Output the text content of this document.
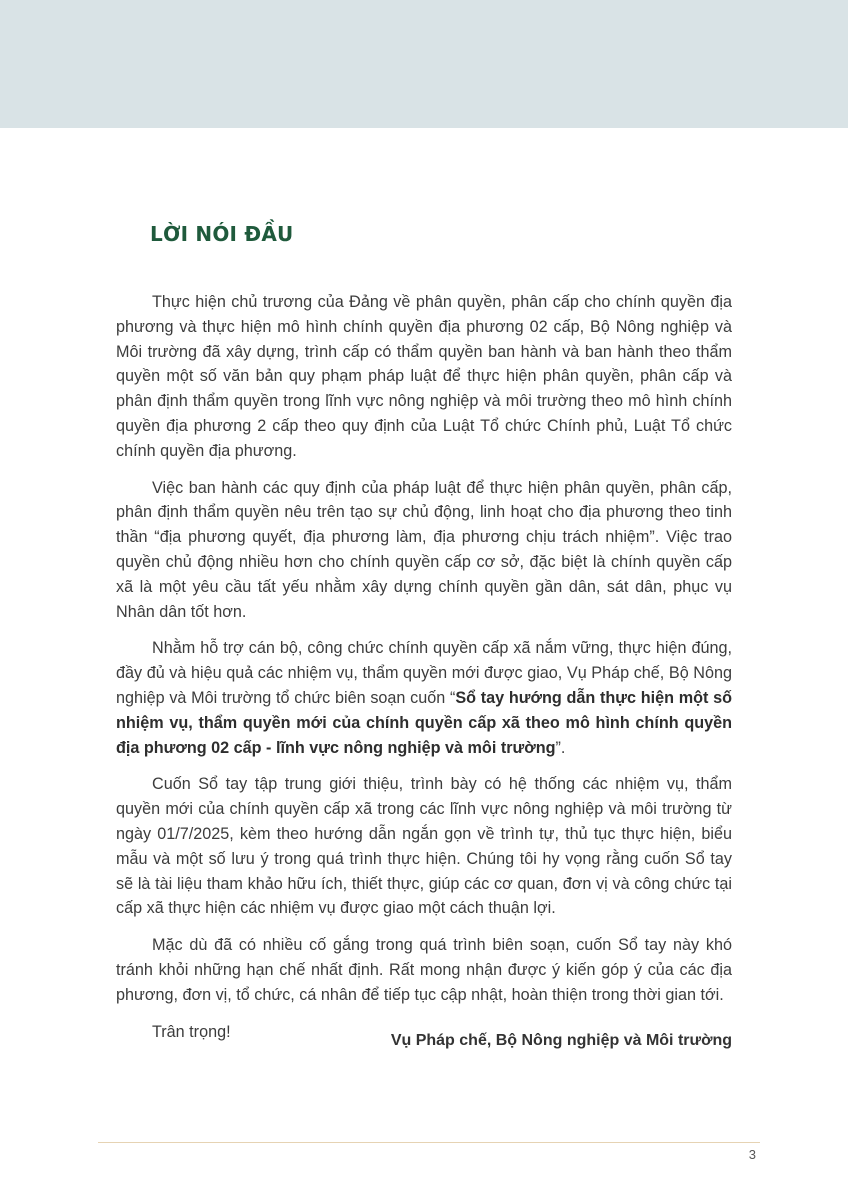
LỜI NÓI ĐẦU

Thực hiện chủ trương của Đảng về phân quyền, phân cấp cho chính quyền địa phương và thực hiện mô hình chính quyền địa phương 02 cấp, Bộ Nông nghiệp và Môi trường đã xây dựng, trình cấp có thẩm quyền ban hành và ban hành theo thẩm quyền một số văn bản quy phạm pháp luật để thực hiện phân quyền, phân cấp và phân định thẩm quyền trong lĩnh vực nông nghiệp và môi trường theo mô hình chính quyền địa phương 2 cấp theo quy định của Luật Tổ chức Chính phủ, Luật Tổ chức chính quyền địa phương.

Việc ban hành các quy định của pháp luật để thực hiện phân quyền, phân cấp, phân định thẩm quyền nêu trên tạo sự chủ động, linh hoạt cho địa phương theo tinh thần “địa phương quyết, địa phương làm, địa phương chịu trách nhiệm”. Việc trao quyền chủ động nhiều hơn cho chính quyền cấp cơ sở, đặc biệt là chính quyền cấp xã là một yêu cầu tất yếu nhằm xây dựng chính quyền gần dân, sát dân, phục vụ Nhân dân tốt hơn.

Nhằm hỗ trợ cán bộ, công chức chính quyền cấp xã nắm vững, thực hiện đúng, đầy đủ và hiệu quả các nhiệm vụ, thẩm quyền mới được giao, Vụ Pháp chế, Bộ Nông nghiệp và Môi trường tổ chức biên soạn cuốn “Sổ tay hướng dẫn thực hiện một số nhiệm vụ, thẩm quyền mới của chính quyền cấp xã theo mô hình chính quyền địa phương 02 cấp - lĩnh vực nông nghiệp và môi trường”.

Cuốn Sổ tay tập trung giới thiệu, trình bày có hệ thống các nhiệm vụ, thẩm quyền mới của chính quyền cấp xã trong các lĩnh vực nông nghiệp và môi trường từ ngày 01/7/2025, kèm theo hướng dẫn ngắn gọn về trình tự, thủ tục thực hiện, biểu mẫu và một số lưu ý trong quá trình thực hiện. Chúng tôi hy vọng rằng cuốn Sổ tay sẽ là tài liệu tham khảo hữu ích, thiết thực, giúp các cơ quan, đơn vị và công chức tại cấp xã thực hiện các nhiệm vụ được giao một cách thuận lợi.

Mặc dù đã có nhiều cố gắng trong quá trình biên soạn, cuốn Sổ tay này khó tránh khỏi những hạn chế nhất định. Rất mong nhận được ý kiến góp ý của các địa phương, đơn vị, tổ chức, cá nhân để tiếp tục cập nhật, hoàn thiện trong thời gian tới.

Trân trọng!	Vụ Pháp chế, Bộ Nông nghiệp và Môi trường
3
